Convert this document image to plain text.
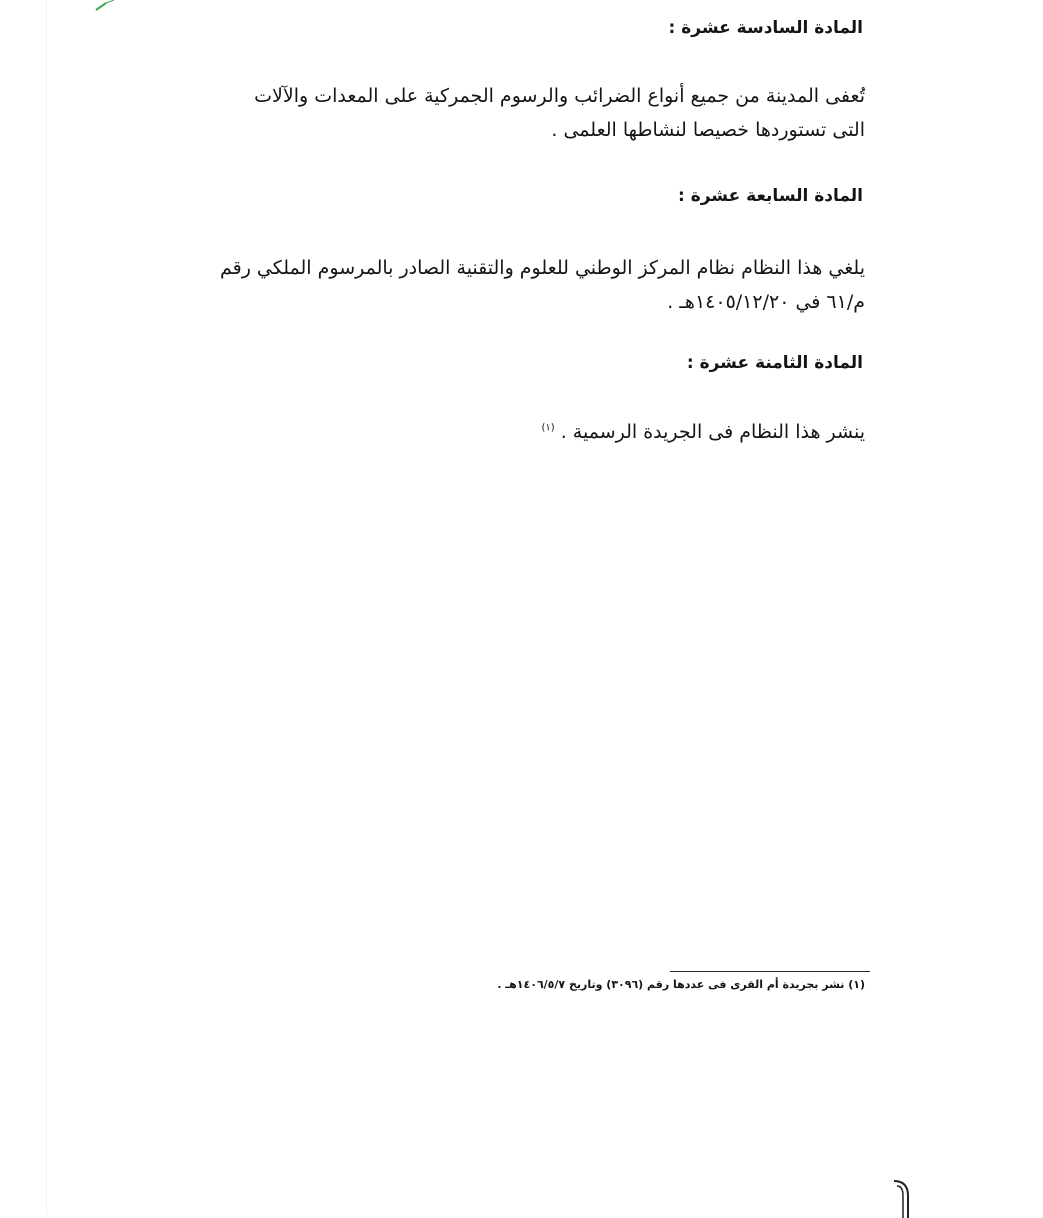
المادة السادسة عشرة :
تُعفى المدينة من جميع أنواع الضرائب والرسوم الجمركية على المعدات والآلات
التى تستوردها خصيصا لنشاطها العلمى .
المادة السابعة عشرة :
يلغي هذا النظام نظام المركز الوطني للعلوم والتقنية الصادر بالمرسوم الملكي رقم
م/٦١ في ١٤٠٥/١٢/٢٠هـ .
المادة الثامنة عشرة :
ينشر هذا النظام فى الجريدة الرسمية . $^{(١)}$
(١) نشر بجريدة أم القرى فى عددها رقم (٣٠٩٦) وتاريخ ١٤٠٦/٥/٧هـ .
